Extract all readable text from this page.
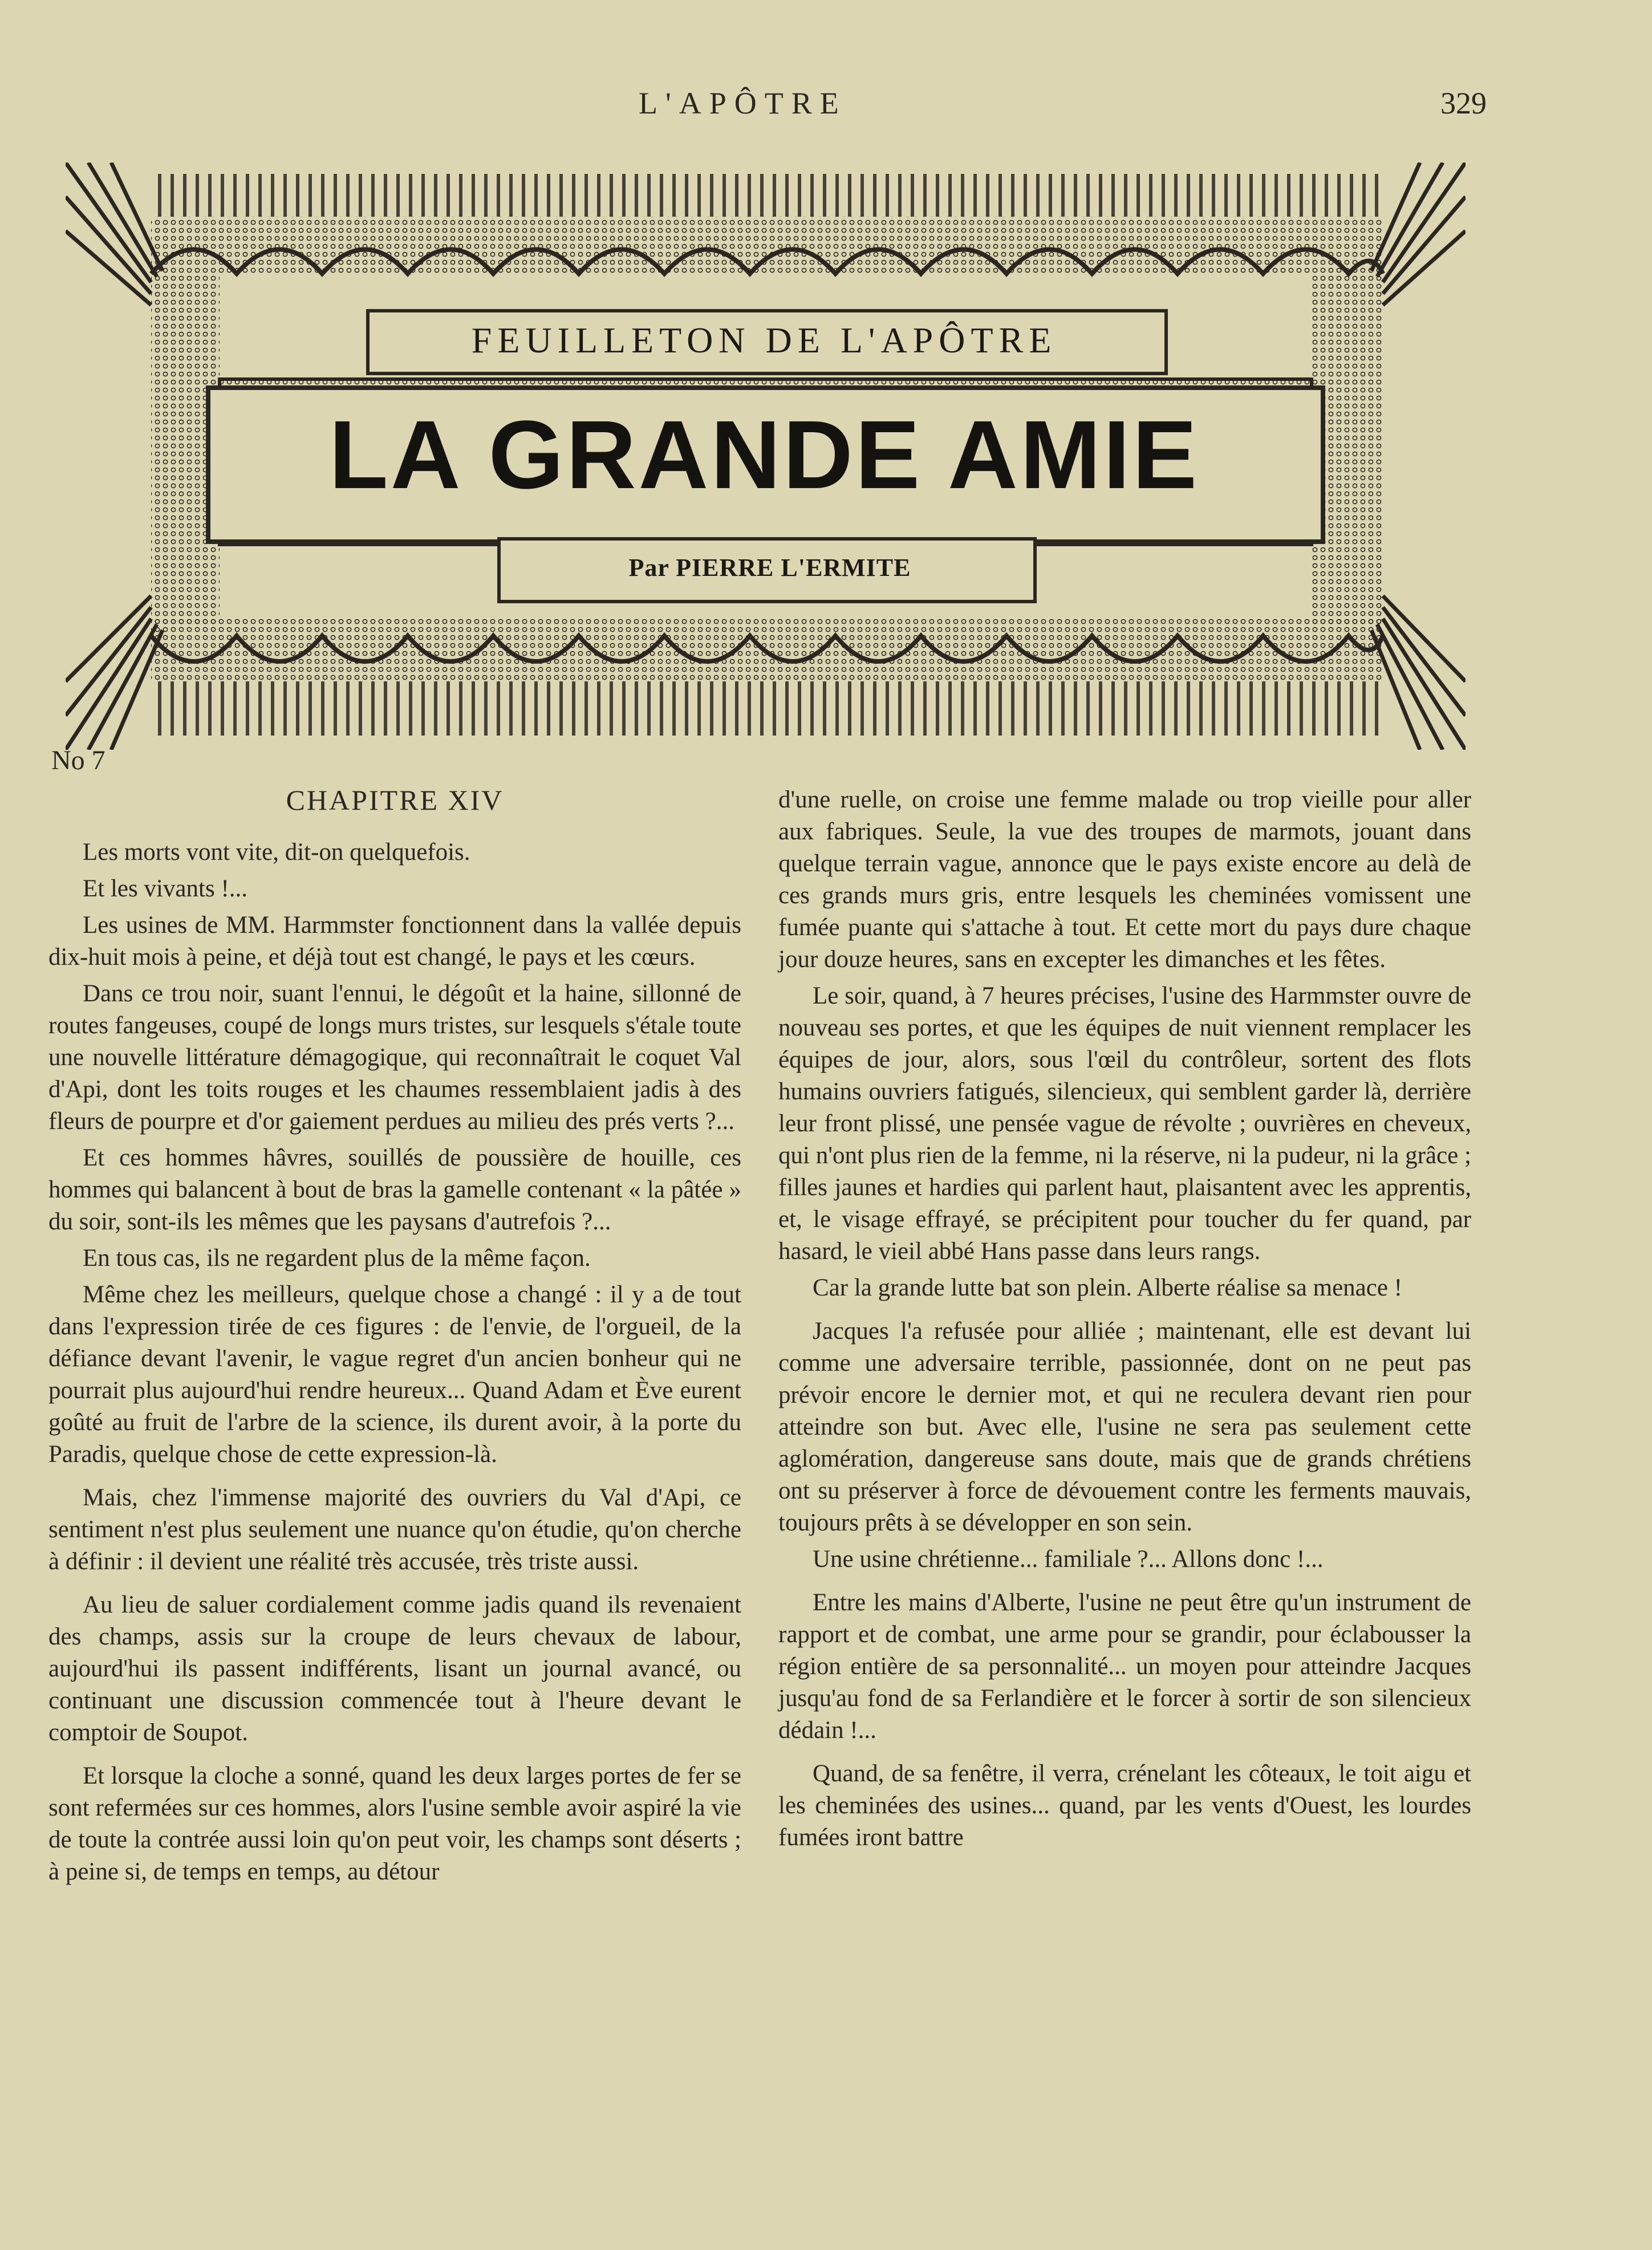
L'APÔTRE	329
FEUILLETON DE L'APÔTRE
LA GRANDE AMIE
Par PIERRE L'ERMITE
No 7
CHAPITRE XIV

Les morts vont vite, dit-on quelquefois.

Et les vivants !...

Les usines de MM. Harmmster fonctionnent dans la vallée depuis dix-huit mois à peine, et déjà tout est changé, le pays et les cœurs.

Dans ce trou noir, suant l'ennui, le dégoût et la haine, sillonné de routes fangeuses, coupé de longs murs tristes, sur lesquels s'étale toute une nouvelle littérature démagogique, qui reconnaîtrait le coquet Val d'Api, dont les toits rouges et les chaumes ressemblaient jadis à des fleurs de pourpre et d'or gaiement perdues au milieu des prés verts ?...

Et ces hommes hâvres, souillés de poussière de houille, ces hommes qui balancent à bout de bras la gamelle contenant « la pâtée » du soir, sont-ils les mêmes que les paysans d'autrefois ?...

En tous cas, ils ne regardent plus de la même façon.

Même chez les meilleurs, quelque chose a changé : il y a de tout dans l'expression tirée de ces figures : de l'envie, de l'orgueil, de la défiance devant l'avenir, le vague regret d'un ancien bonheur qui ne pourrait plus aujourd'hui rendre heureux... Quand Adam et Ève eurent goûté au fruit de l'arbre de la science, ils durent avoir, à la porte du Paradis, quelque chose de cette expression-là.

Mais, chez l'immense majorité des ouvriers du Val d'Api, ce sentiment n'est plus seulement une nuance qu'on étudie, qu'on cherche à définir : il devient une réalité très accusée, très triste aussi.

Au lieu de saluer cordialement comme jadis quand ils revenaient des champs, assis sur la croupe de leurs chevaux de labour, aujourd'hui ils passent indifférents, lisant un journal avancé, ou continuant une discussion commencée tout à l'heure devant le comptoir de Soupot.

Et lorsque la cloche a sonné, quand les deux larges portes de fer se sont refermées sur ces hommes, alors l'usine semble avoir aspiré la vie de toute la contrée aussi loin qu'on peut voir, les champs sont déserts ; à peine si, de temps en temps, au détour

d'une ruelle, on croise une femme malade ou trop vieille pour aller aux fabriques. Seule, la vue des troupes de marmots, jouant dans quelque terrain vague, annonce que le pays existe encore au delà de ces grands murs gris, entre lesquels les cheminées vomissent une fumée puante qui s'attache à tout. Et cette mort du pays dure chaque jour douze heures, sans en excepter les dimanches et les fêtes.

Le soir, quand, à 7 heures précises, l'usine des Harmmster ouvre de nouveau ses portes, et que les équipes de nuit viennent remplacer les équipes de jour, alors, sous l'œil du contrôleur, sortent des flots humains ouvriers fatigués, silencieux, qui semblent garder là, derrière leur front plissé, une pensée vague de révolte ; ouvrières en cheveux, qui n'ont plus rien de la femme, ni la réserve, ni la pudeur, ni la grâce ; filles jaunes et hardies qui parlent haut, plaisantent avec les apprentis, et, le visage effrayé, se précipitent pour toucher du fer quand, par hasard, le vieil abbé Hans passe dans leurs rangs.

Car la grande lutte bat son plein. Alberte réalise sa menace !

Jacques l'a refusée pour alliée ; maintenant, elle est devant lui comme une adversaire terrible, passionnée, dont on ne peut pas prévoir encore le dernier mot, et qui ne reculera devant rien pour atteindre son but. Avec elle, l'usine ne sera pas seulement cette aglomération, dangereuse sans doute, mais que de grands chrétiens ont su préserver à force de dévouement contre les ferments mauvais, toujours prêts à se développer en son sein.

Une usine chrétienne... familiale ?... Allons donc !...

Entre les mains d'Alberte, l'usine ne peut être qu'un instrument de rapport et de combat, une arme pour se grandir, pour éclabousser la région entière de sa personnalité... un moyen pour atteindre Jacques jusqu'au fond de sa Ferlandière et le forcer à sortir de son silencieux dédain !...

Quand, de sa fenêtre, il verra, crénelant les côteaux, le toit aigu et les cheminées des usines... quand, par les vents d'Ouest, les lourdes fumées iront battre
